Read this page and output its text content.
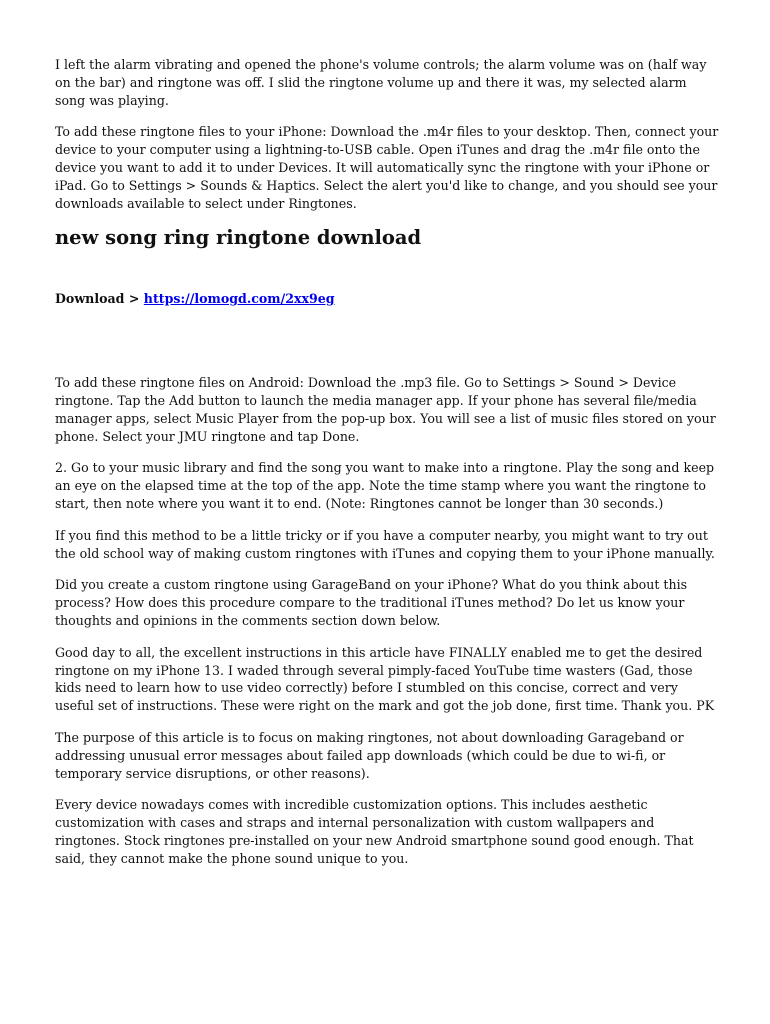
I left the alarm vibrating and opened the phone's volume controls; the alarm volume was on (half way on the bar) and ringtone was off. I slid the ringtone volume up and there it was, my selected alarm song was playing.

To add these ringtone files to your iPhone: Download the .m4r files to your desktop. Then, connect your device to your computer using a lightning-to-USB cable. Open iTunes and drag the .m4r file onto the device you want to add it to under Devices. It will automatically sync the ringtone with your iPhone or iPad. Go to Settings > Sounds & Haptics. Select the alert you'd like to change, and you should see your downloads available to select under Ringtones.

new song ring ringtone download
Download > https://lomogd.com/2xx9eg

To add these ringtone files on Android: Download the .mp3 file. Go to Settings > Sound > Device ringtone. Tap the Add button to launch the media manager app. If your phone has several file/media manager apps, select Music Player from the pop-up box. You will see a list of music files stored on your phone. Select your JMU ringtone and tap Done.

2. Go to your music library and find the song you want to make into a ringtone. Play the song and keep an eye on the elapsed time at the top of the app. Note the time stamp where you want the ringtone to start, then note where you want it to end. (Note: Ringtones cannot be longer than 30 seconds.)

If you find this method to be a little tricky or if you have a computer nearby, you might want to try out the old school way of making custom ringtones with iTunes and copying them to your iPhone manually.

Did you create a custom ringtone using GarageBand on your iPhone? What do you think about this process? How does this procedure compare to the traditional iTunes method? Do let us know your thoughts and opinions in the comments section down below.

Good day to all, the excellent instructions in this article have FINALLY enabled me to get the desired ringtone on my iPhone 13. I waded through several pimply-faced YouTube time wasters (Gad, those kids need to learn how to use video correctly) before I stumbled on this concise, correct and very useful set of instructions. These were right on the mark and got the job done, first time. Thank you. PK

The purpose of this article is to focus on making ringtones, not about downloading Garageband or addressing unusual error messages about failed app downloads (which could be due to wi-fi, or temporary service disruptions, or other reasons).

Every device nowadays comes with incredible customization options. This includes aesthetic customization with cases and straps and internal personalization with custom wallpapers and ringtones. Stock ringtones pre-installed on your new Android smartphone sound good enough. That said, they cannot make the phone sound unique to you.
